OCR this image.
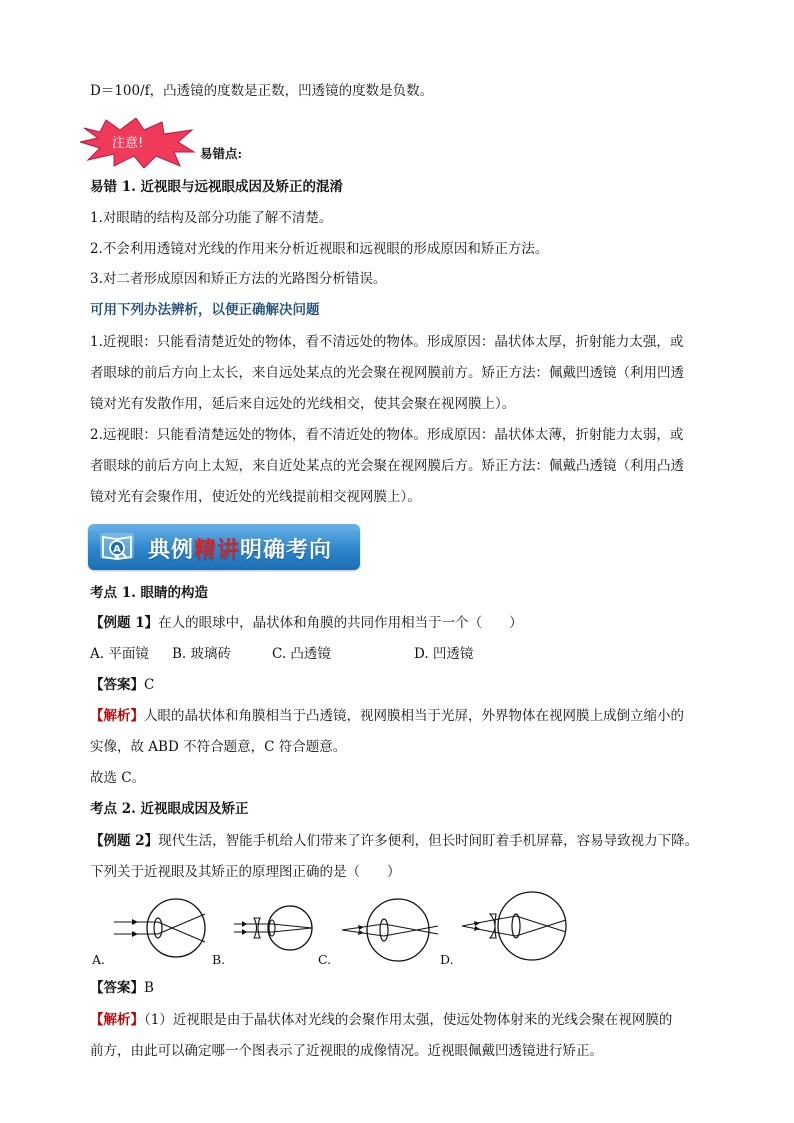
D＝100/f，凸透镜的度数是正数，凹透镜的度数是负数。
注意!
易错点:
易错 1. 近视眼与远视眼成因及矫正的混淆
1.对眼睛的结构及部分功能了解不清楚。
2.不会利用透镜对光线的作用来分析近视眼和远视眼的形成原因和矫正方法。
3.对二者形成原因和矫正方法的光路图分析错误。
可用下列办法辨析，以便正确解决问题
1.近视眼：只能看清楚近处的物体，看不清远处的物体。形成原因：晶状体太厚，折射能力太强，或
者眼球的前后方向上太长，来自远处某点的光会聚在视网膜前方。矫正方法：佩戴凹透镜（利用凹透
镜对光有发散作用，延后来自远处的光线相交，使其会聚在视网膜上）。
2.远视眼：只能看清楚远处的物体，看不清近处的物体。形成原因：晶状体太薄，折射能力太弱，或
者眼球的前后方向上太短，来自近处某点的光会聚在视网膜后方。矫正方法：佩戴凸透镜（利用凸透
镜对光有会聚作用，使近处的光线提前相交视网膜上）。
A 典例精讲明确考向
考点 1. 眼睛的构造
【例题 1】在人的眼球中，晶状体和角膜的共同作用相当于一个（　　）
A. 平面镜 B. 玻璃砖	C. 凸透镜	D. 凹透镜
【答案】C
【解析】人眼的晶状体和角膜相当于凸透镜，视网膜相当于光屏，外界物体在视网膜上成倒立缩小的
实像，故 ABD 不符合题意，C 符合题意。
故选 C。
考点 2. 近视眼成因及矫正
【例题 2】现代生活，智能手机给人们带来了许多便利，但长时间盯着手机屏幕，容易导致视力下降。
下列关于近视眼及其矫正的原理图正确的是（　　）
A.	B.	C.	D.
【答案】B
【解析】（1）近视眼是由于晶状体对光线的会聚作用太强，使远处物体射来的光线会聚在视网膜的
前方，由此可以确定哪一个图表示了近视眼的成像情况。近视眼佩戴凹透镜进行矫正。
